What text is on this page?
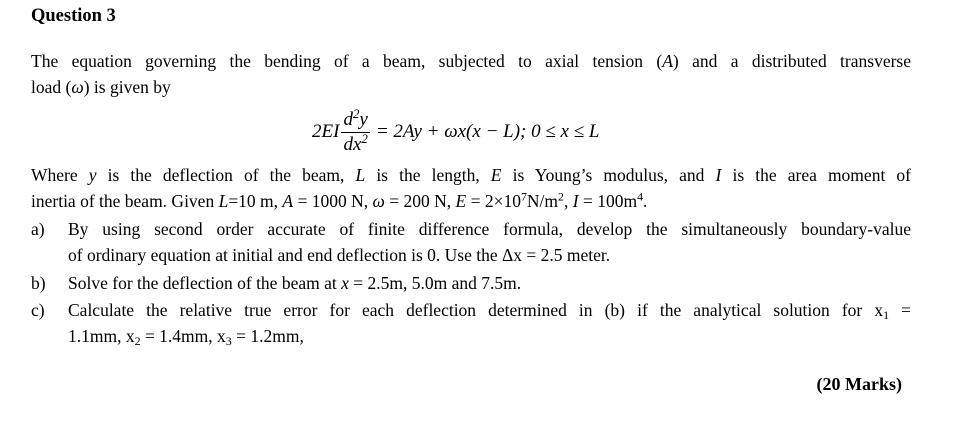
Question 3
The equation governing the bending of a beam, subjected to axial tension (A) and a distributed transverse
load (ω) is given by
$2EI \frac{d^2y}{dx^2} = 2Ay + \omega x(x - L)$; 0 ≤ x ≤ L
Where y is the deflection of the beam, L is the length, E is Young’s modulus, and I is the area moment of
inertia of the beam. Given L=10 m, A = 1000 N, ω = 200 N, $E = 2\times 10^7N/m^2$, $I = 100m^4$.
a) By using second order accurate of finite difference formula, develop the simultaneously boundary-value
of ordinary equation at initial and end deflection is 0. Use the Δx = 2.5 meter.
b) Solve for the deflection of the beam at x = 2.5m, 5.0m and 7.5m.
c) Calculate the relative true error for each deflection determined in (b) if the analytical solution for $x_1$ =
1.1mm, $x_2 = 1.4mm$, $x_3 = 1.2mm$,
(20 Marks)
